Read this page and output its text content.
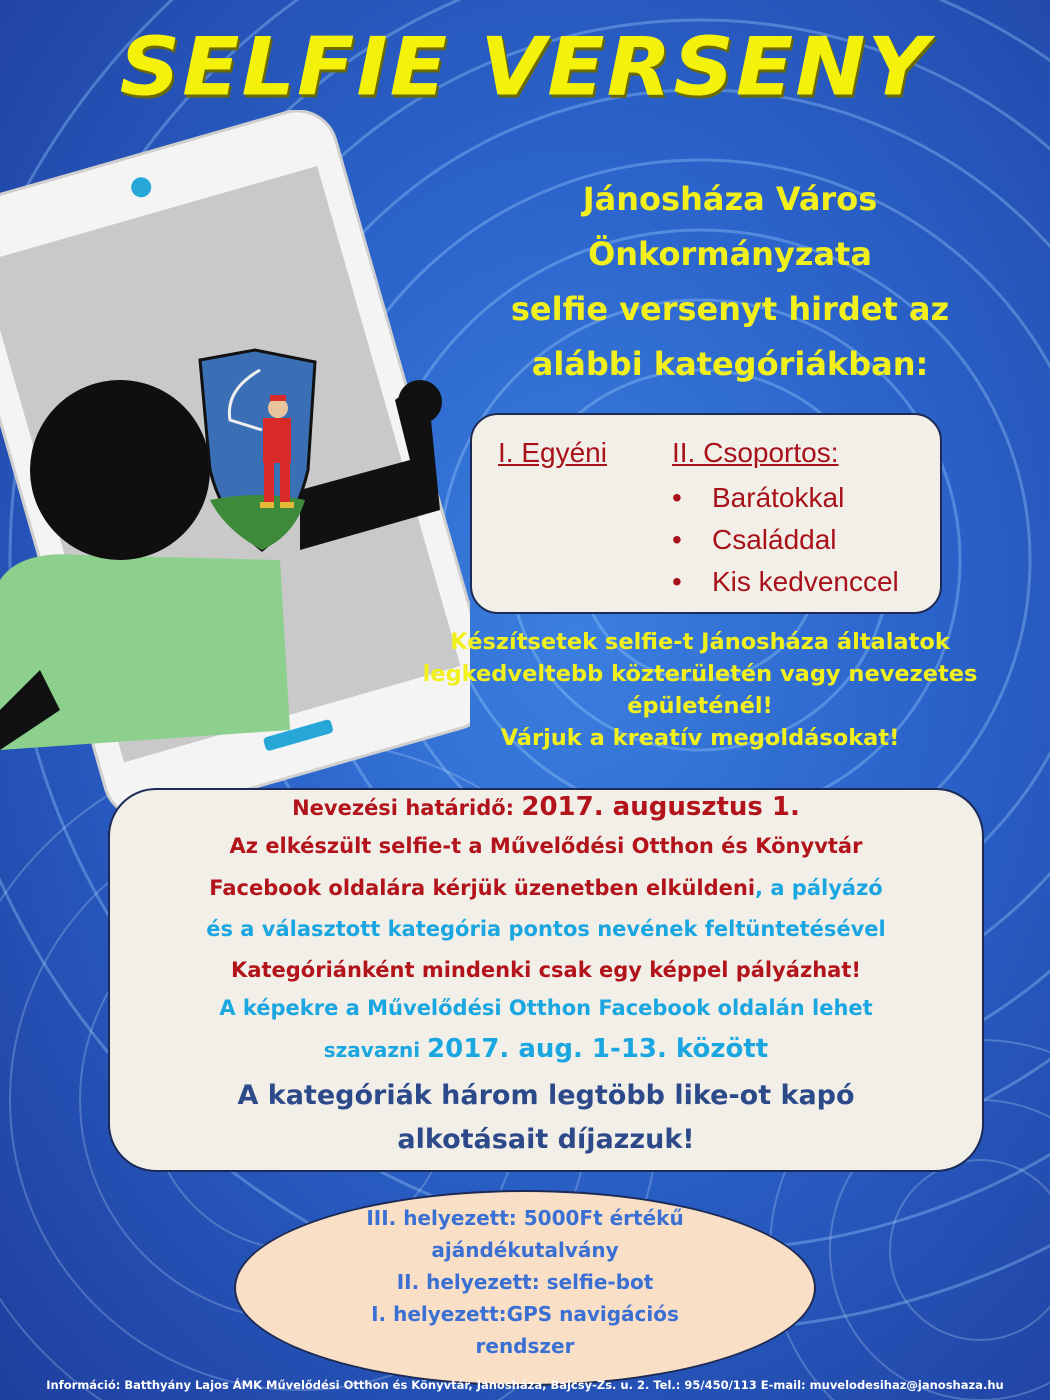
SELFIE VERSENY
Jánosháza Város
Önkormányzata
selfie versenyt hirdet az
alábbi kategóriákban:
I. Egyéni II. Csoportos:
• Barátokkal
• Családdal
• Kis kedvenccel
Készítsetek selfie-t Jánosháza általatok
legkedveltebb közterületén vagy nevezetes
épületénél!
Várjuk a kreatív megoldásokat!
Nevezési határidő: 2017. augusztus 1.
Az elkészült selfie-t a Művelődési Otthon és Könyvtár
Facebook oldalára kérjük üzenetben elküldeni, a pályázó
és a választott kategória pontos nevének feltüntetésével
Kategóriánként mindenki csak egy képpel pályázhat!
A képekre a Művelődési Otthon Facebook oldalán lehet
szavazni 2017. aug. 1-13. között
A kategóriák három legtöbb like-ot kapó
alkotásait díjazzuk!
III. helyezett: 5000Ft értékű
ajándékutalvány
II. helyezett: selfie-bot
I. helyezett:GPS navigációs
rendszer
Információ: Batthyány Lajos ÁMK Művelődési Otthon és Könyvtár, Jánosháza, Bajcsy-Zs. u. 2. Tel.: 95/450/113 E-mail: muvelodesihaz@janoshaza.hu
